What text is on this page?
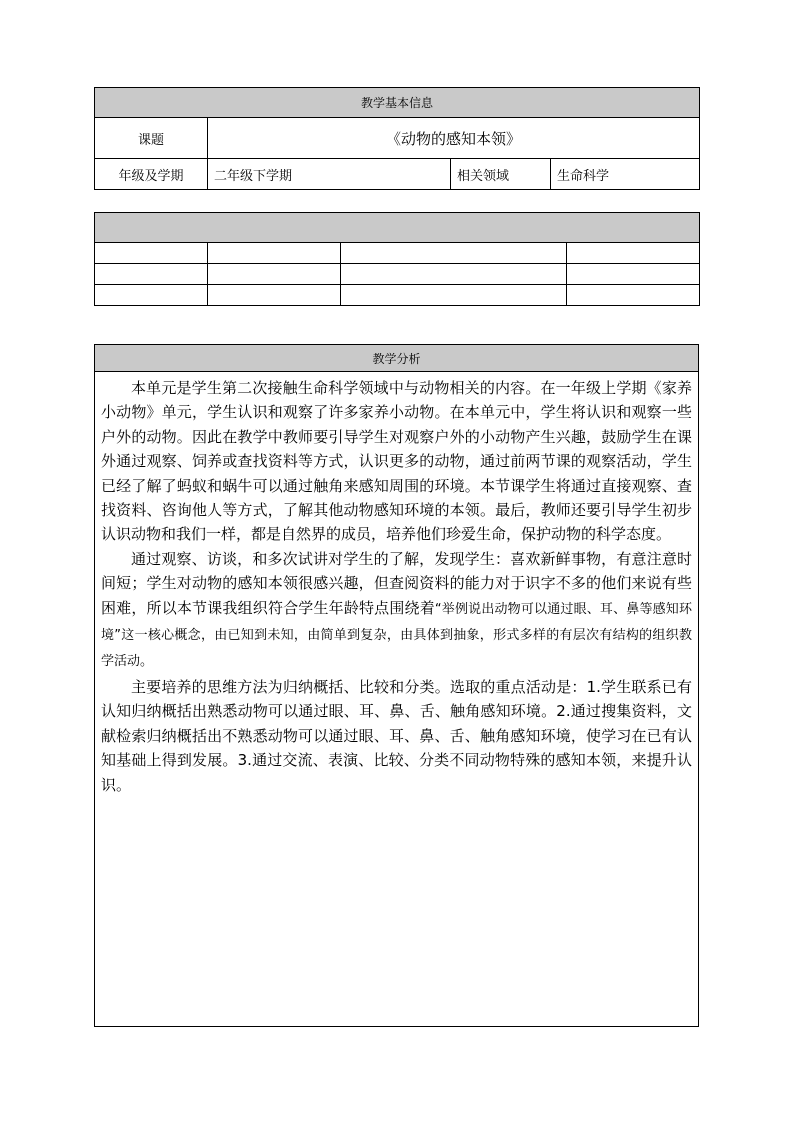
教学基本信息			
课题	《动物的感知本领》		
年级及学期	二年级下学期	相关领域	生命科学

教学分析

本单元是学生第二次接触生命科学领域中与动物相关的内容。在一年级上学期《家养小动物》单元，学生认识和观察了许多家养小动物。在本单元中，学生将认识和观察一些户外的动物。因此在教学中教师要引导学生对观察户外的小动物产生兴趣，鼓励学生在课外通过观察、饲养或查找资料等方式，认识更多的动物，通过前两节课的观察活动，学生已经了解了蚂蚁和蜗牛可以通过触角来感知周围的环境。本节课学生将通过直接观察、查找资料、咨询他人等方式，了解其他动物感知环境的本领。最后，教师还要引导学生初步认识动物和我们一样，都是自然界的成员，培养他们珍爱生命，保护动物的科学态度。

通过观察、访谈，和多次试讲对学生的了解，发现学生：喜欢新鲜事物，有意注意时间短；学生对动物的感知本领很感兴趣，但查阅资料的能力对于识字不多的他们来说有些困难，所以本节课我组织符合学生年龄特点围绕着“举例说出动物可以通过眼、耳、鼻等感知环境”这一核心概念，由已知到未知，由简单到复杂，由具体到抽象，形式多样的有层次有结构的组织教学活动。

主要培养的思维方法为归纳概括、比较和分类。选取的重点活动是：1.学生联系已有认知归纳概括出熟悉动物可以通过眼、耳、鼻、舌、触角感知环境。2.通过搜集资料，文献检索归纳概括出不熟悉动物可以通过眼、耳、鼻、舌、触角感知环境，使学习在已有认知基础上得到发展。3.通过交流、表演、比较、分类不同动物特殊的感知本领，来提升认识。
